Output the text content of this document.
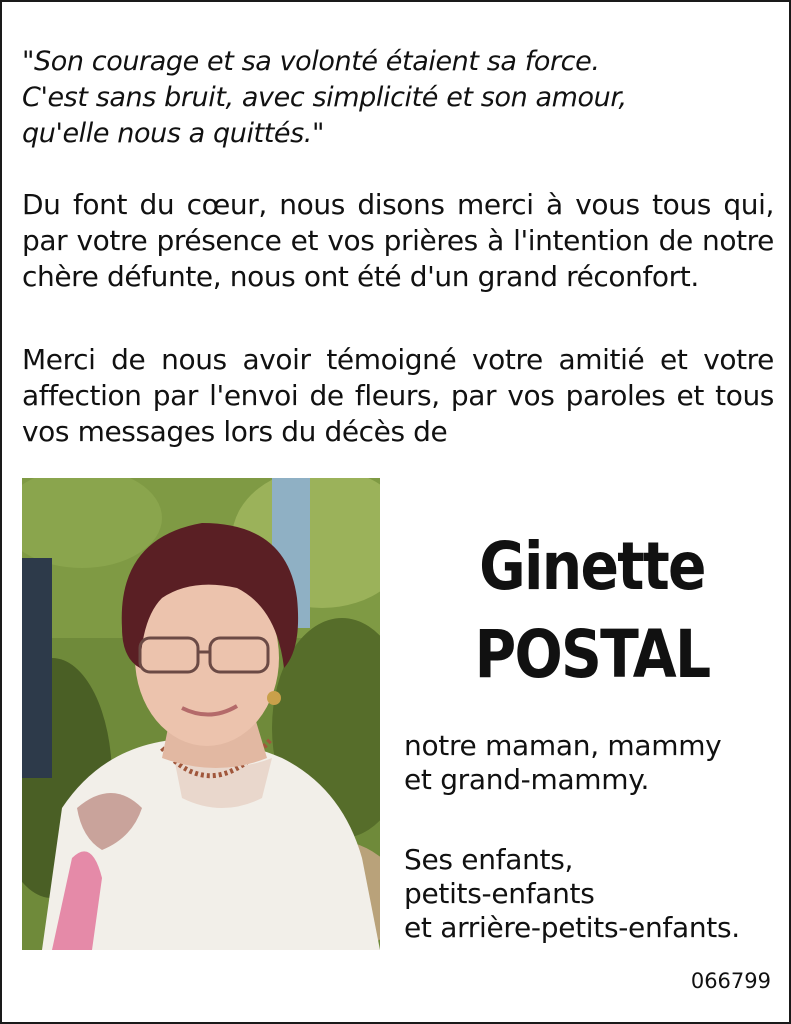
"Son courage et sa volonté étaient sa force.
C'est sans bruit, avec simplicité et son amour,
qu'elle nous a quittés."
Du font du cœur, nous disons merci à vous tous qui, par votre présence et vos prières à l'intention de notre chère défunte, nous ont été d'un grand réconfort.
Merci de nous avoir témoigné votre amitié et votre affection par l'envoi de fleurs, par vos paroles et tous vos messages lors du décès de
Ginette
POSTAL
notre maman, mammy
et grand-mammy.
Ses enfants,
petits-enfants
et arrière-petits-enfants.
066799
